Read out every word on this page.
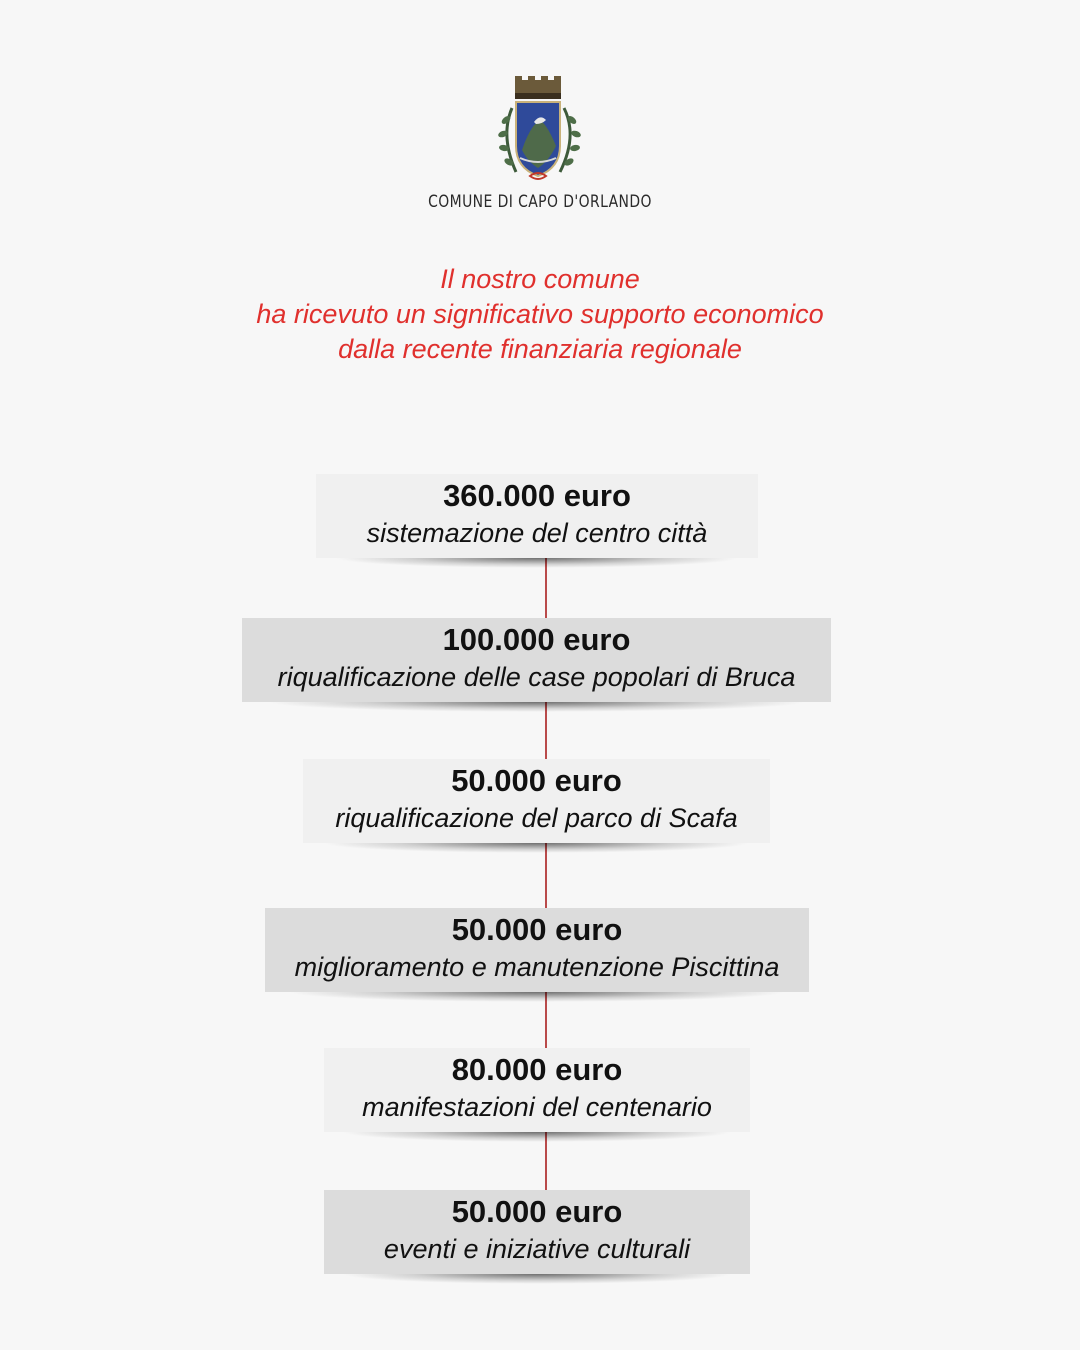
COMUNE DI CAPO D'ORLANDO
Il nostro comune
ha ricevuto un significativo supporto economico
dalla recente finanziaria regionale
360.000 euro
sistemazione del centro città
100.000 euro
riqualificazione delle case popolari di Bruca
50.000 euro
riqualificazione del parco di Scafa
50.000 euro
miglioramento e manutenzione Piscittina
80.000 euro
manifestazioni del centenario
50.000 euro
eventi e iniziative culturali
